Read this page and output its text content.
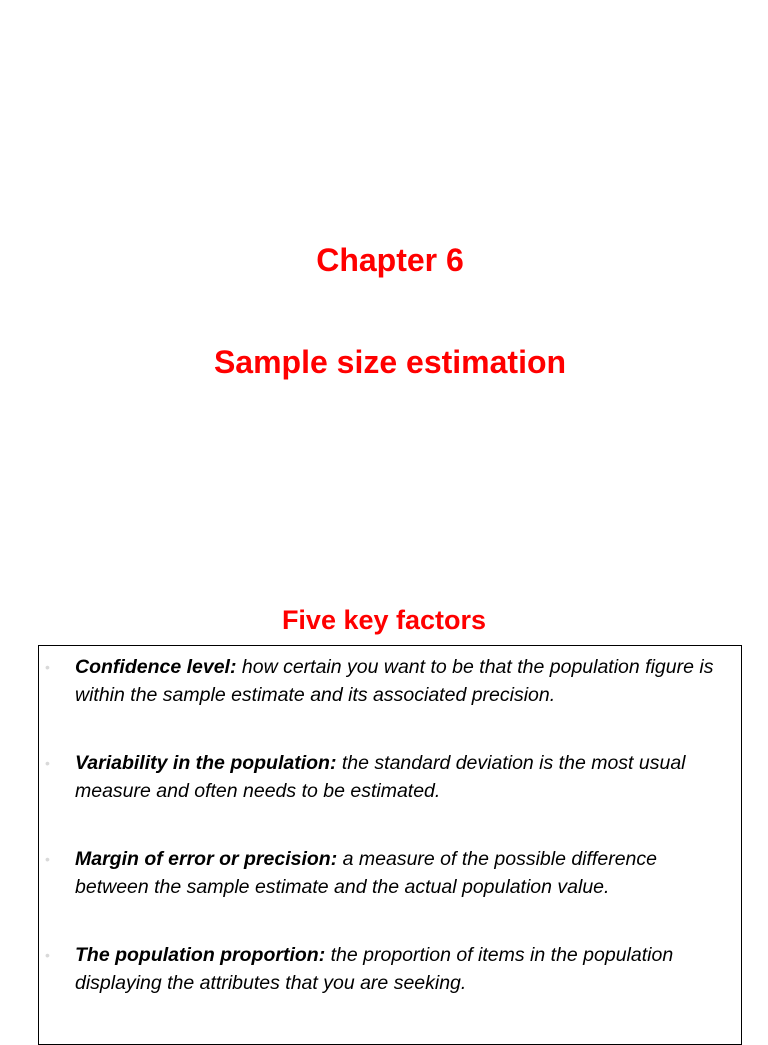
Chapter 6
Sample size estimation
Five key factors
• Confidence level: how certain you want to be that the population figure is within the sample estimate and its associated precision.
• Variability in the population: the standard deviation is the most usual measure and often needs to be estimated.
• Margin of error or precision: a measure of the possible difference between the sample estimate and the actual population value.
• The population proportion: the proportion of items in the population displaying the attributes that you are seeking.
